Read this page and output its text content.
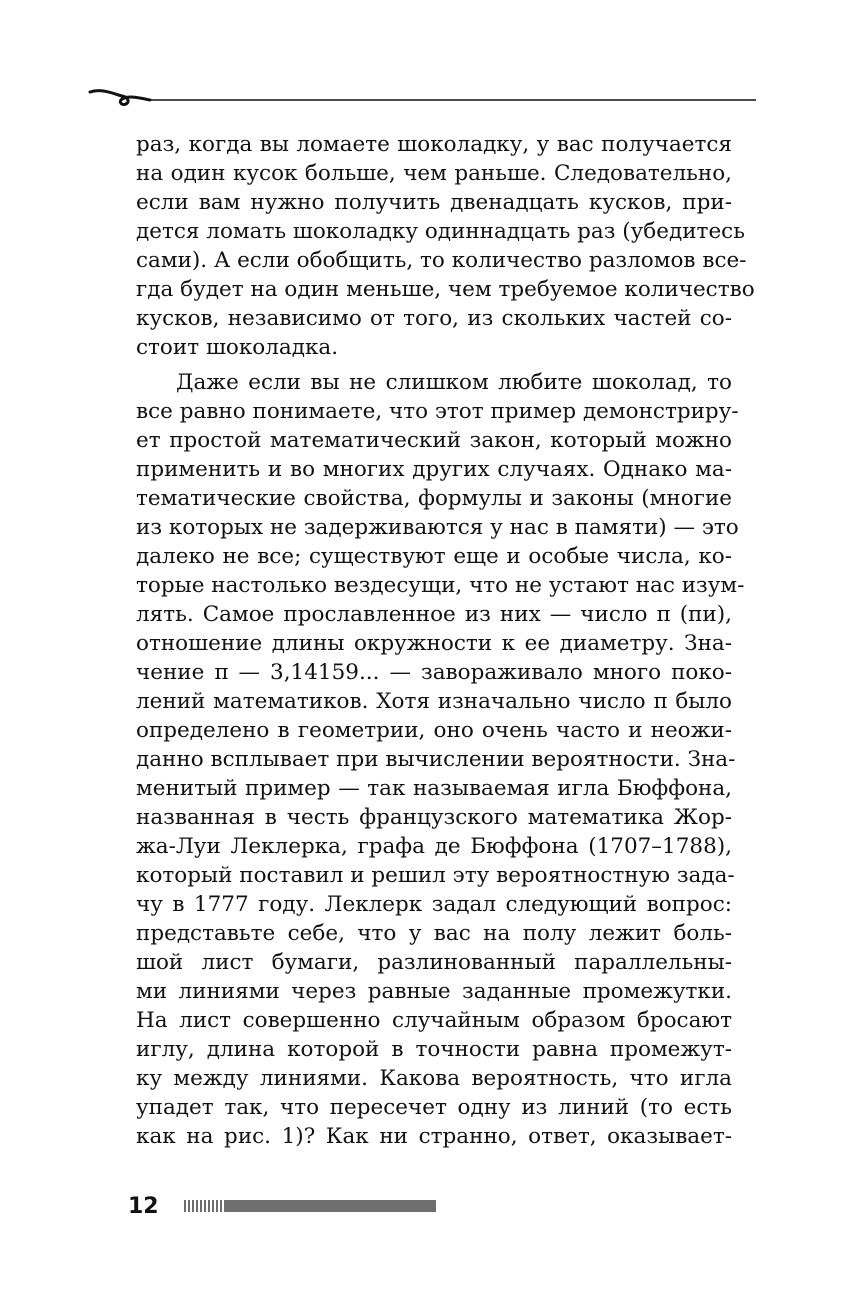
раз, когда вы ломаете шоколадку, у вас получается
на один кусок больше, чем раньше. Следовательно,
если вам нужно получить двенадцать кусков, при-
дется ломать шоколадку одиннадцать раз (убедитесь
сами). А если обобщить, то количество разломов все-
гда будет на один меньше, чем требуемое количество
кусков, независимо от того, из скольких частей со-
стоит шоколадка.
Даже если вы не слишком любите шоколад, то
все равно понимаете, что этот пример демонстриру-
ет простой математический закон, который можно
применить и во многих других случаях. Однако ма-
тематические свойства, формулы и законы (многие
из которых не задерживаются у нас в памяти) — это
далеко не все; существуют еще и особые числа, ко-
торые настолько вездесущи, что не устают нас изум-
лять. Самое прославленное из них — число π (пи),
отношение длины окружности к ее диаметру. Зна-
чение π — 3,14159... — завораживало много поко-
лений математиков. Хотя изначально число π было
определено в геометрии, оно очень часто и неожи-
данно всплывает при вычислении вероятности. Зна-
менитый пример — так называемая игла Бюффона,
названная в честь французского математика Жор-
жа-Луи Леклерка, графа де Бюффона (1707–1788),
который поставил и решил эту вероятностную зада-
чу в 1777 году. Леклерк задал следующий вопрос:
представьте себе, что у вас на полу лежит боль-
шой лист бумаги, разлинованный параллельны-
ми линиями через равные заданные промежутки.
На лист совершенно случайным образом бросают
иглу, длина которой в точности равна промежут-
ку между линиями. Какова вероятность, что игла
упадет так, что пересечет одну из линий (то есть
как на рис. 1)? Как ни странно, ответ, оказывает-
12
